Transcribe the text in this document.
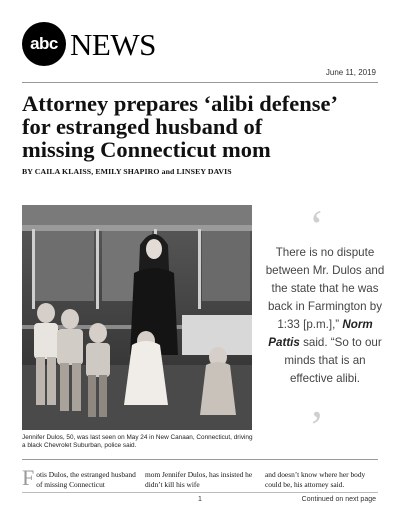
abc NEWS
June 11, 2019
Attorney prepares ‘alibi defense’
for estranged husband of
missing Connecticut mom
BY CAILA KLAISS, EMILY SHAPIRO and LINSEY DAVIS
Jennifer Dulos, 50, was last seen on May 24 in New Canaan, Connecticut, driving a black Chevrolet Suburban, police said.
‘
There is no dispute between Mr. Dulos and the state that he was back in Farmington by 1:33 [p.m.],” Norm Pattis said. “So to our minds that is an effective alibi.
’
Fotis Dulos, the estranged husband of missing Connecticut
mom Jennifer Dulos, has insisted he didn’t kill his wife
and doesn’t know where her body could be, his attorney said.
1	Continued on next page
